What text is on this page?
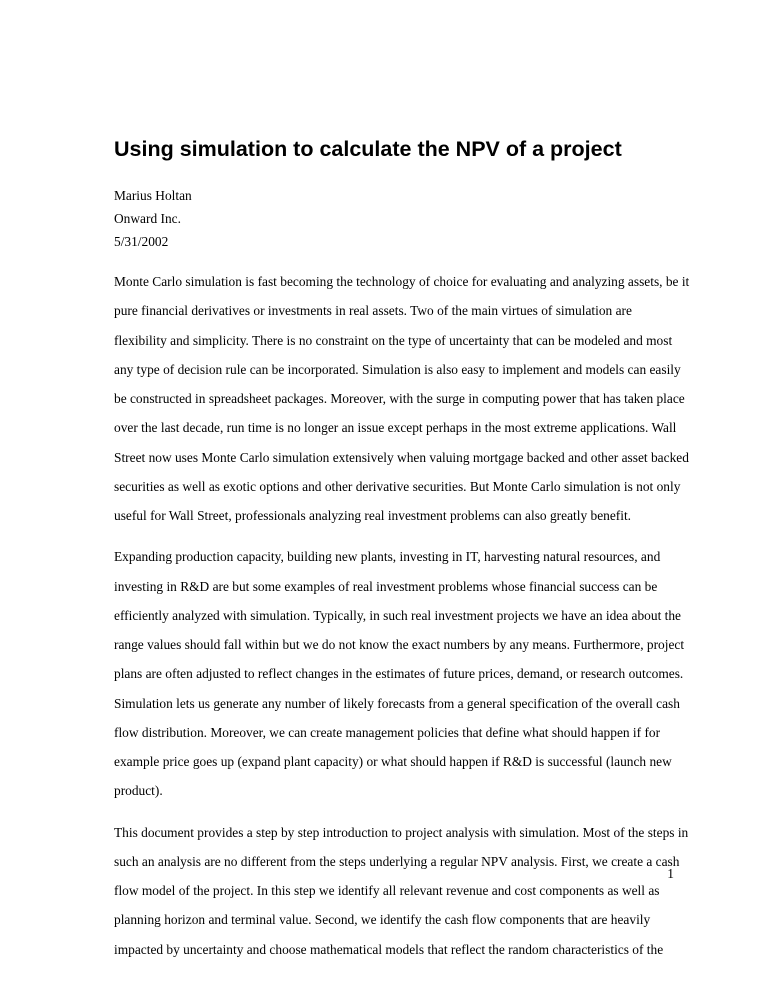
Using simulation to calculate the NPV of a project
Marius Holtan
Onward Inc.
5/31/2002
Monte Carlo simulation is fast becoming the technology of choice for evaluating and analyzing assets, be it
pure financial derivatives or investments in real assets. Two of the main virtues of simulation are
flexibility and simplicity. There is no constraint on the type of uncertainty that can be modeled and most
any type of decision rule can be incorporated. Simulation is also easy to implement and models can easily
be constructed in spreadsheet packages. Moreover, with the surge in computing power that has taken place
over the last decade, run time is no longer an issue except perhaps in the most extreme applications. Wall
Street now uses Monte Carlo simulation extensively when valuing mortgage backed and other asset backed
securities as well as exotic options and other derivative securities. But Monte Carlo simulation is not only
useful for Wall Street, professionals analyzing real investment problems can also greatly benefit.
Expanding production capacity, building new plants, investing in IT, harvesting natural resources, and
investing in R&D are but some examples of real investment problems whose financial success can be
efficiently analyzed with simulation. Typically, in such real investment projects we have an idea about the
range values should fall within but we do not know the exact numbers by any means. Furthermore, project
plans are often adjusted to reflect changes in the estimates of future prices, demand, or research outcomes.
Simulation lets us generate any number of likely forecasts from a general specification of the overall cash
flow distribution. Moreover, we can create management policies that define what should happen if for
example price goes up (expand plant capacity) or what should happen if R&D is successful (launch new
product).
This document provides a step by step introduction to project analysis with simulation. Most of the steps in
such an analysis are no different from the steps underlying a regular NPV analysis. First, we create a cash
flow model of the project. In this step we identify all relevant revenue and cost components as well as
planning horizon and terminal value. Second, we identify the cash flow components that are heavily
impacted by uncertainty and choose mathematical models that reflect the random characteristics of the
1
